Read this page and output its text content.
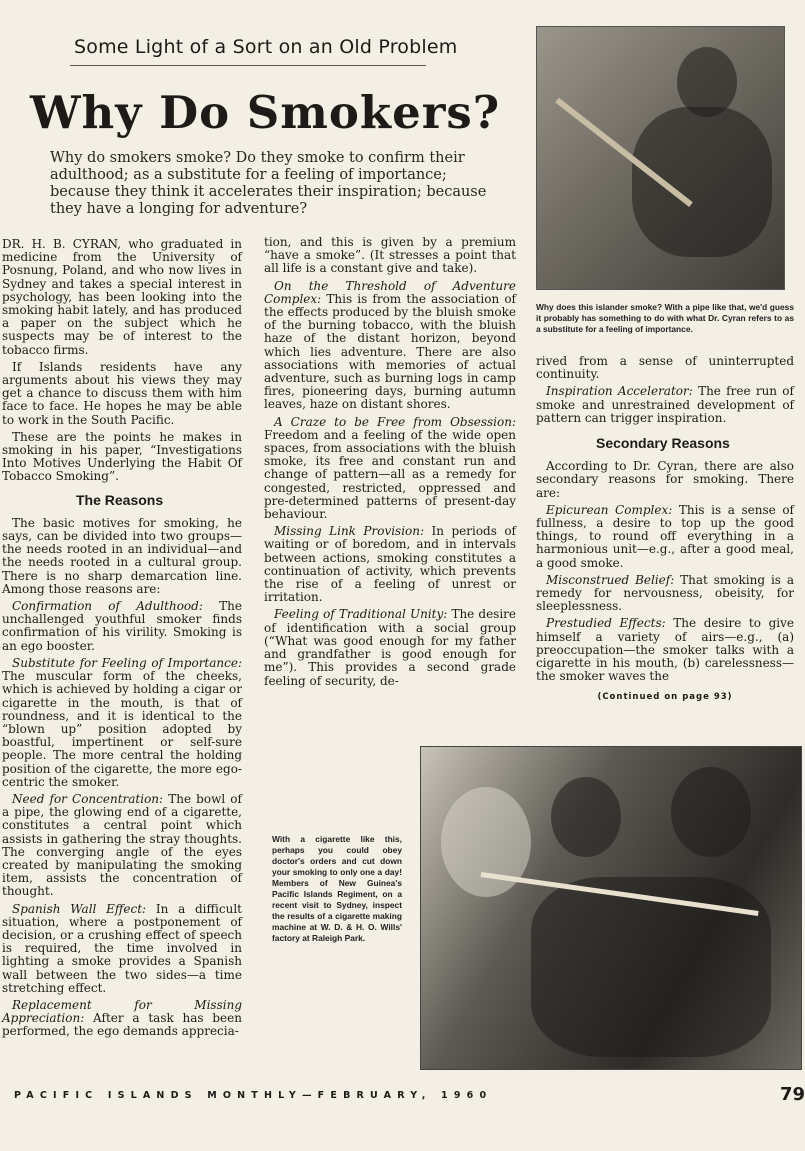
Some Light of a Sort on an Old Problem
Why Do Smokers?
Why do smokers smoke? Do they smoke to confirm their adulthood; as a substitute for a feeling of importance; because they think it accelerates their inspiration; because they have a longing for adventure?

DR. H. B. CYRAN, who graduated in medicine from the University of Posnung, Poland, and who now lives in Sydney and takes a special interest in psychology, has been looking into the smoking habit lately, and has produced a paper on the subject which he suspects may be of interest to the tobacco firms.

If Islands residents have any arguments about his views they may get a chance to discuss them with him face to face. He hopes he may be able to work in the South Pacific.

These are the points he makes in smoking in his paper, “Investigations Into Motives Underlying the Habit Of Tobacco Smoking”.

The Reasons

The basic motives for smoking, he says, can be divided into two groups—the needs rooted in an individual—and the needs rooted in a cultural group. There is no sharp demarcation line. Among those reasons are:

Confirmation of Adulthood: The unchallenged youthful smoker finds confirmation of his virility. Smoking is an ego booster.

Substitute for Feeling of Importance: The muscular form of the cheeks, which is achieved by holding a cigar or cigarette in the mouth, is that of roundness, and it is identical to the “blown up” position adopted by boastful, impertinent or self-sure people. The more central the holding position of the cigarette, the more ego-centric the smoker.

Need for Concentration: The bowl of a pipe, the glowing end of a cigarette, constitutes a central point which assists in gathering the stray thoughts. The converging angle of the eyes created by manipulating the smoking item, assists the concentration of thought.

Spanish Wall Effect: In a difficult situation, where a postponement of decision, or a crushing effect of speech is required, the time involved in lighting a smoke provides a Spanish wall between the two sides—a time stretching effect.

Replacement for Missing Appreciation: After a task has been performed, the ego demands apprecia-

tion, and this is given by a premium “have a smoke”. (It stresses a point that all life is a constant give and take).

On the Threshold of Adventure Complex: This is from the association of the effects produced by the bluish smoke of the burning tobacco, with the bluish haze of the distant horizon, beyond which lies adventure. There are also associations with memories of actual adventure, such as burning logs in camp fires, pioneering days, burning autumn leaves, haze on distant shores.

A Craze to be Free from Obsession: Freedom and a feeling of the wide open spaces, from associations with the bluish smoke, its free and constant run and change of pattern—all as a remedy for congested, restricted, oppressed and pre-determined patterns of present-day behaviour.

Missing Link Provision: In periods of waiting or of boredom, and in intervals between actions, smoking constitutes a continuation of activity, which prevents the rise of a feeling of unrest or irritation.

Feeling of Traditional Unity: The desire of identification with a social group (“What was good enough for my father and grandfather is good enough for me”). This provides a second grade feeling of security, de-

Why does this islander smoke? With a pipe like that, we'd guess it probably has something to do with what Dr. Cyran refers to as a substitute for a feeling of importance.

rived from a sense of uninterrupted continuity.

Inspiration Accelerator: The free run of smoke and unrestrained development of pattern can trigger inspiration.

Secondary Reasons

According to Dr. Cyran, there are also secondary reasons for smoking. There are:

Epicurean Complex: This is a sense of fullness, a desire to top up the good things, to round off everything in a harmonious unit—e.g., after a good meal, a good smoke.

Misconstrued Belief: That smoking is a remedy for nervousness, obeisity, for sleeplessness.

Prestudied Effects: The desire to give himself a variety of airs—e.g., (a) preoccupation—the smoker talks with a cigarette in his mouth, (b) carelessness—the smoker waves the

(Continued on page 93)
With a cigarette like this, perhaps you could obey doctor's orders and cut down your smoking to only one a day! Members of New Guinea's Pacific Islands Regiment, on a recent visit to Sydney, inspect the results of a cigarette making machine at W. D. & H. O. Wills' factory at Raleigh Park.
PACIFIC ISLANDS MONTHLY—FEBRUARY, 1960	79
